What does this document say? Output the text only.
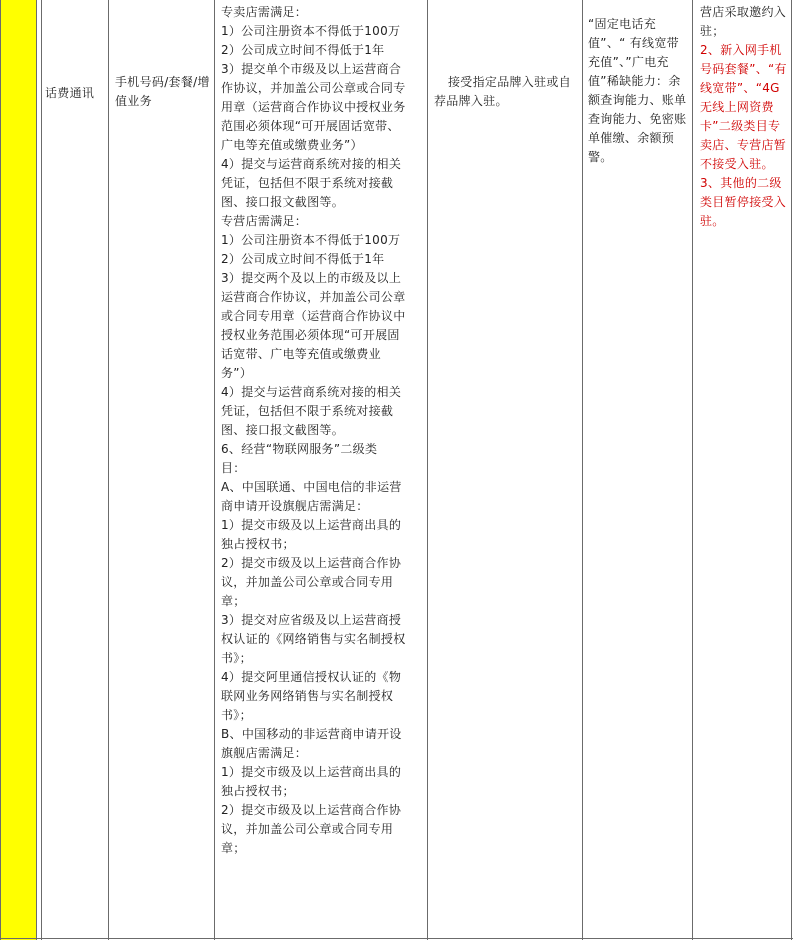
话费通讯
手机号码/套餐/增值业务
接受指定品牌入驻或自荐品牌入驻。
“固定电话充值”、“ 有线宽带充值”、”广电充值”稀缺能力：余额查询能力、账单查询能力、免密账单催缴、余额预警。
营店采取邀约入驻；
2、新入网手机号码套餐”、“有线宽带”、“4G无线上网资费卡”二级类目专卖店、专营店暂不接受入驻。
3、其他的二级类目暂停接受入驻。
专卖店需满足：
1）公司注册资本不得低于100万
2）公司成立时间不得低于1年
3）提交单个市级及以上运营商合
作协议，并加盖公司公章或合同专
用章（运营商合作协议中授权业务
范围必须体现“可开展固话宽带、
广电等充值或缴费业务”）
4）提交与运营商系统对接的相关
凭证，包括但不限于系统对接截
图、接口报文截图等。
专营店需满足：
1）公司注册资本不得低于100万
2）公司成立时间不得低于1年
3）提交两个及以上的市级及以上
运营商合作协议，并加盖公司公章
或合同专用章（运营商合作协议中
授权业务范围必须体现“可开展固
话宽带、广电等充值或缴费业
务”）
4）提交与运营商系统对接的相关
凭证，包括但不限于系统对接截
图、接口报文截图等。
6、经营“物联网服务”二级类
目：
A、中国联通、中国电信的非运营
商申请开设旗舰店需满足：
1）提交市级及以上运营商出具的
独占授权书；
2）提交市级及以上运营商合作协
议，并加盖公司公章或合同专用
章；
3）提交对应省级及以上运营商授
权认证的《网络销售与实名制授权
书》；
4）提交阿里通信授权认证的《物
联网业务网络销售与实名制授权
书》；
B、中国移动的非运营商申请开设
旗舰店需满足：
1）提交市级及以上运营商出具的
独占授权书；
2）提交市级及以上运营商合作协
议，并加盖公司公章或合同专用
章；
